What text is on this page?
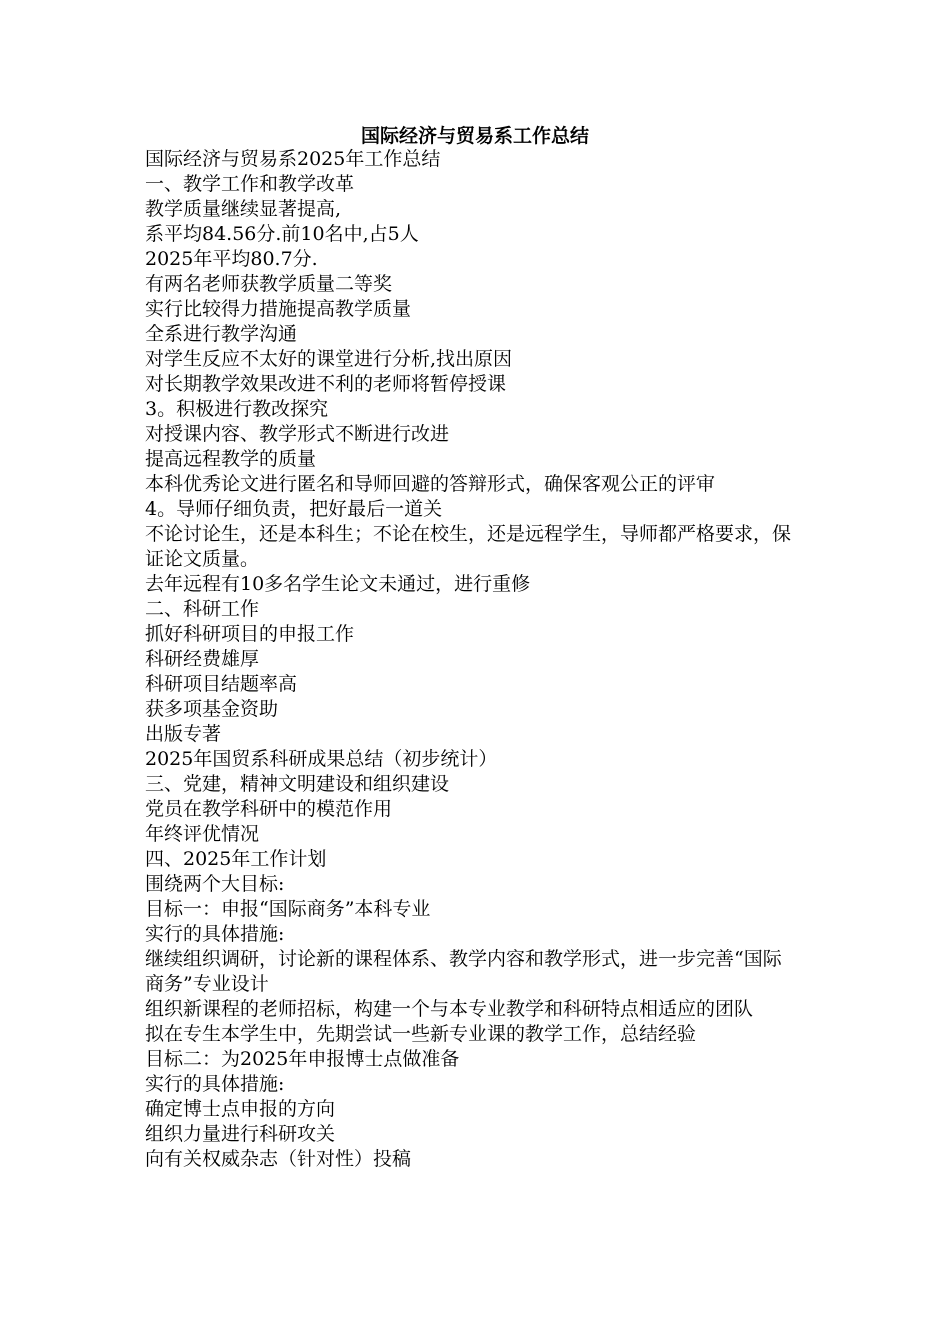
国际经济与贸易系工作总结

国际经济与贸易系2025年工作总结

一、教学工作和教学改革

教学质量继续显著提高,

系平均84.56分.前10名中,占5人

2025年平均80.7分.

有两名老师获教学质量二等奖

实行比较得力措施提高教学质量

全系进行教学沟通

对学生反应不太好的课堂进行分析,找出原因

对长期教学效果改进不利的老师将暂停授课

3。积极进行教改探究

对授课内容、教学形式不断进行改进

提高远程教学的质量

本科优秀论文进行匿名和导师回避的答辩形式，确保客观公正的评审

4。导师仔细负责，把好最后一道关

不论讨论生，还是本科生；不论在校生，还是远程学生，导师都严格要求，保证论文质量。

去年远程有10多名学生论文未通过，进行重修

二、科研工作

抓好科研项目的申报工作

科研经费雄厚

科研项目结题率高

获多项基金资助

出版专著

2025年国贸系科研成果总结（初步统计）

三、党建，精神文明建设和组织建设

党员在教学科研中的模范作用

年终评优情况

四、2025年工作计划

围绕两个大目标:

目标一：申报“国际商务”本科专业

实行的具体措施:

继续组织调研，讨论新的课程体系、教学内容和教学形式，进一步完善“国际商务”专业设计

组织新课程的老师招标，构建一个与本专业教学和科研特点相适应的团队

拟在专生本学生中，先期尝试一些新专业课的教学工作，总结经验

目标二：为2025年申报博士点做准备

实行的具体措施:

确定博士点申报的方向

组织力量进行科研攻关

向有关权威杂志（针对性）投稿
